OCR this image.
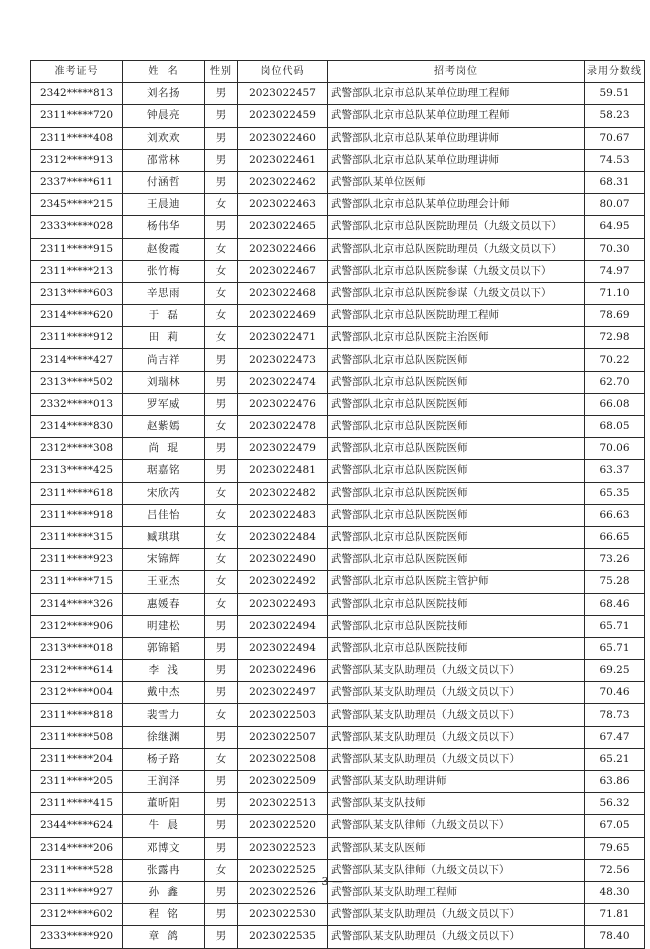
准考证号	姓  名	性别	岗位代码	招考岗位	录用分数线
2342*****813	刘名扬	男	2023022457	武警部队北京市总队某单位助理工程师	59.51
2311*****720	钟晨亮	男	2023022459	武警部队北京市总队某单位助理工程师	58.23
2311*****408	刘欢欢	男	2023022460	武警部队北京市总队某单位助理讲师	70.67
2312*****913	邵常林	男	2023022461	武警部队北京市总队某单位助理讲师	74.53
2337*****611	付涵哲	男	2023022462	武警部队某单位医师	68.31
2345*****215	王晨迪	女	2023022463	武警部队北京市总队某单位助理会计师	80.07
2333*****028	杨伟华	男	2023022465	武警部队北京市总队医院助理员（九级文员以下）	64.95
2311*****915	赵俊霞	女	2023022466	武警部队北京市总队医院助理员（九级文员以下）	70.30
2311*****213	张竹梅	女	2023022467	武警部队北京市总队医院参谋（九级文员以下）	74.97
2313*****603	辛思雨	女	2023022468	武警部队北京市总队医院参谋（九级文员以下）	71.10
2314*****620	于  磊	女	2023022469	武警部队北京市总队医院助理工程师	78.69
2311*****912	田  莉	女	2023022471	武警部队北京市总队医院主治医师	72.98
2314*****427	尚吉祥	男	2023022473	武警部队北京市总队医院医师	70.22
2313*****502	刘瑞林	男	2023022474	武警部队北京市总队医院医师	62.70
2332*****013	罗军威	男	2023022476	武警部队北京市总队医院医师	66.08
2314*****830	赵紫嫣	女	2023022478	武警部队北京市总队医院医师	68.05
2312*****308	尚  琨	男	2023022479	武警部队北京市总队医院医师	70.06
2313*****425	琚嘉铭	男	2023022481	武警部队北京市总队医院医师	63.37
2311*****618	宋欣芮	女	2023022482	武警部队北京市总队医院医师	65.35
2311*****918	吕佳怡	女	2023022483	武警部队北京市总队医院医师	66.63
2311*****315	臧琪琪	女	2023022484	武警部队北京市总队医院医师	66.65
2311*****923	宋锦辉	女	2023022490	武警部队北京市总队医院医师	73.26
2311*****715	王亚杰	女	2023022492	武警部队北京市总队医院主管护师	75.28
2314*****326	惠媛春	女	2023022493	武警部队北京市总队医院技师	68.46
2312*****906	明建松	男	2023022494	武警部队北京市总队医院技师	65.71
2313*****018	郭锦韬	男	2023022494	武警部队北京市总队医院技师	65.71
2312*****614	李  浅	男	2023022496	武警部队某支队助理员（九级文员以下）	69.25
2312*****004	戴中杰	男	2023022497	武警部队某支队助理员（九级文员以下）	70.46
2311*****818	裴雪力	女	2023022503	武警部队某支队助理员（九级文员以下）	78.73
2311*****508	徐继渊	男	2023022507	武警部队某支队助理员（九级文员以下）	67.47
2311*****204	杨子路	女	2023022508	武警部队某支队助理员（九级文员以下）	65.21
2311*****205	王润泽	男	2023022509	武警部队某支队助理讲师	63.86
2311*****415	董昕阳	男	2023022513	武警部队某支队技师	56.32
2344*****624	牛  晨	男	2023022520	武警部队某支队律师（九级文员以下）	67.05
2314*****206	邓博文	男	2023022523	武警部队某支队医师	79.65
2311*****528	张露冉	女	2023022525	武警部队某支队律师（九级文员以下）	72.56
2311*****927	孙  鑫	男	2023022526	武警部队某支队助理工程师	48.30
2312*****602	程  铭	男	2023022530	武警部队某支队助理员（九级文员以下）	71.81
2333*****920	章  鸽	男	2023022535	武警部队某支队助理员（九级文员以下）	78.40
— 3 —
